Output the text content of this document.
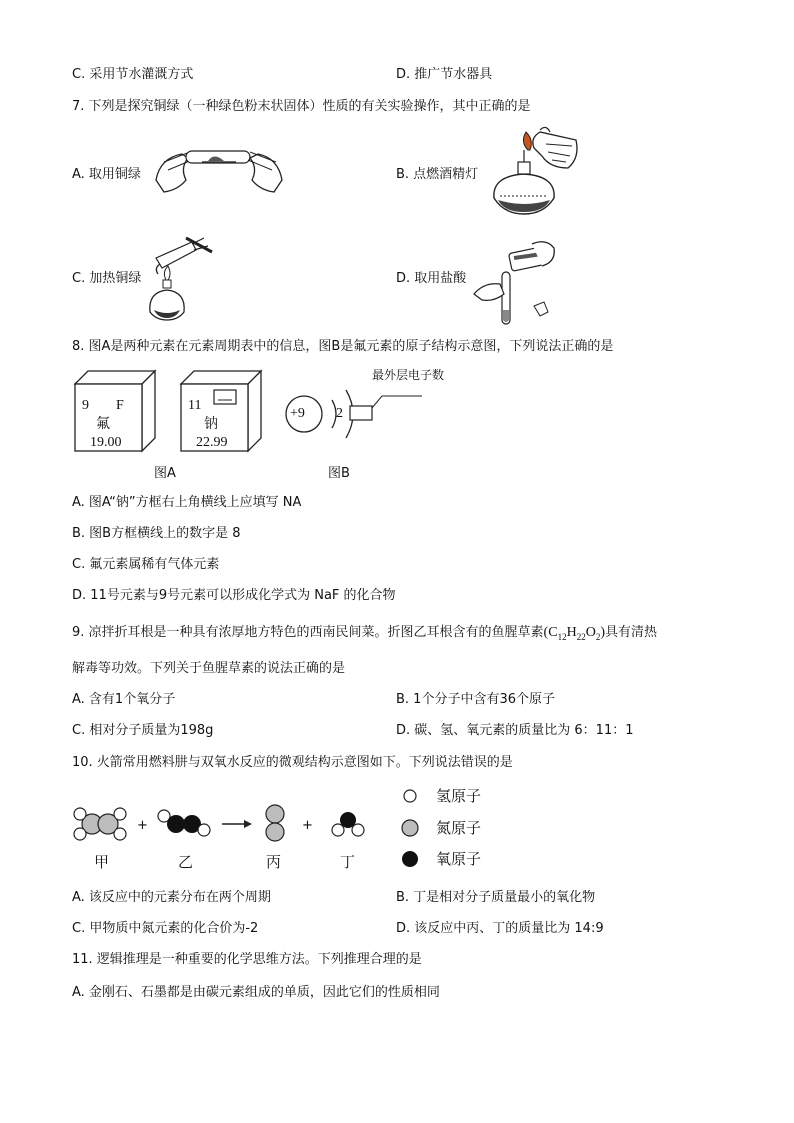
C. 采用节水灌溉方式	D. 推广节水器具
7. 下列是探究铜绿（一种绿色粉末状固体）性质的有关实验操作，其中正确的是
A. 取用铜绿	B. 点燃酒精灯
C. 加热铜绿	D. 取用盐酸
8. 图A是两种元素在元素周期表中的信息，图B是氟元素的原子结构示意图，下列说法正确的是
9 F
氟
19.00
11
钠
22.99
+9 2
最外层电子数
图A	图B
A. 图A“钠”方框右上角横线上应填写 NA
B. 图B方框横线上的数字是 8
C. 氟元素属稀有气体元素
D. 11号元素与9号元素可以形成化学式为 NaF 的化合物
9. 凉拌折耳根是一种具有浓厚地方特色的西南民间菜。折图乙耳根含有的鱼腥草素$(C_{12}H_{22}O_2)$具有清热
解毒等功效。下列关于鱼腥草素的说法正确的是
A. 含有1个氧分子	B. 1个分子中含有36个原子
C. 相对分子质量为198g	D. 碳、氢、氧元素的质量比为 6：11：1
10. 火箭常用燃料肼与双氧水反应的微观结构示意图如下。下列说法错误的是
+	+
甲	乙	丙	丁
氢原子
氮原子
氧原子
A. 该反应中的元素分布在两个周期	B. 丁是相对分子质量最小的氧化物
C. 甲物质中氮元素的化合价为-2	D. 该反应中丙、丁的质量比为 14:9
11. 逻辑推理是一种重要的化学思维方法。下列推理合理的是
A. 金刚石、石墨都是由碳元素组成的单质，因此它们的性质相同
